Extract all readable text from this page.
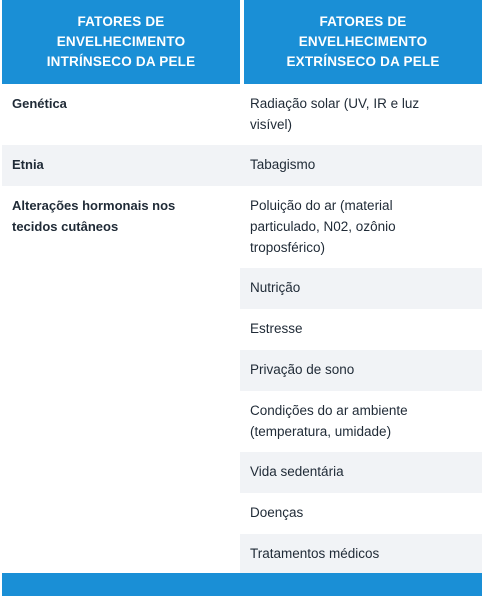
FATORES DE
ENVELHECIMENTO
INTRÍNSECO DA PELE
FATORES DE
ENVELHECIMENTO
EXTRÍNSECO DA PELE
Genética
Etnia
Alterações hormonais nos
tecidos cutâneos
Radiação solar (UV, IR e luz
visível)
Tabagismo
Poluição do ar (material
particulado, N02, ozônio
troposférico)
Nutrição
Estresse
Privação de sono
Condições do ar ambiente
(temperatura, umidade)
Vida sedentária
Doenças
Tratamentos médicos
